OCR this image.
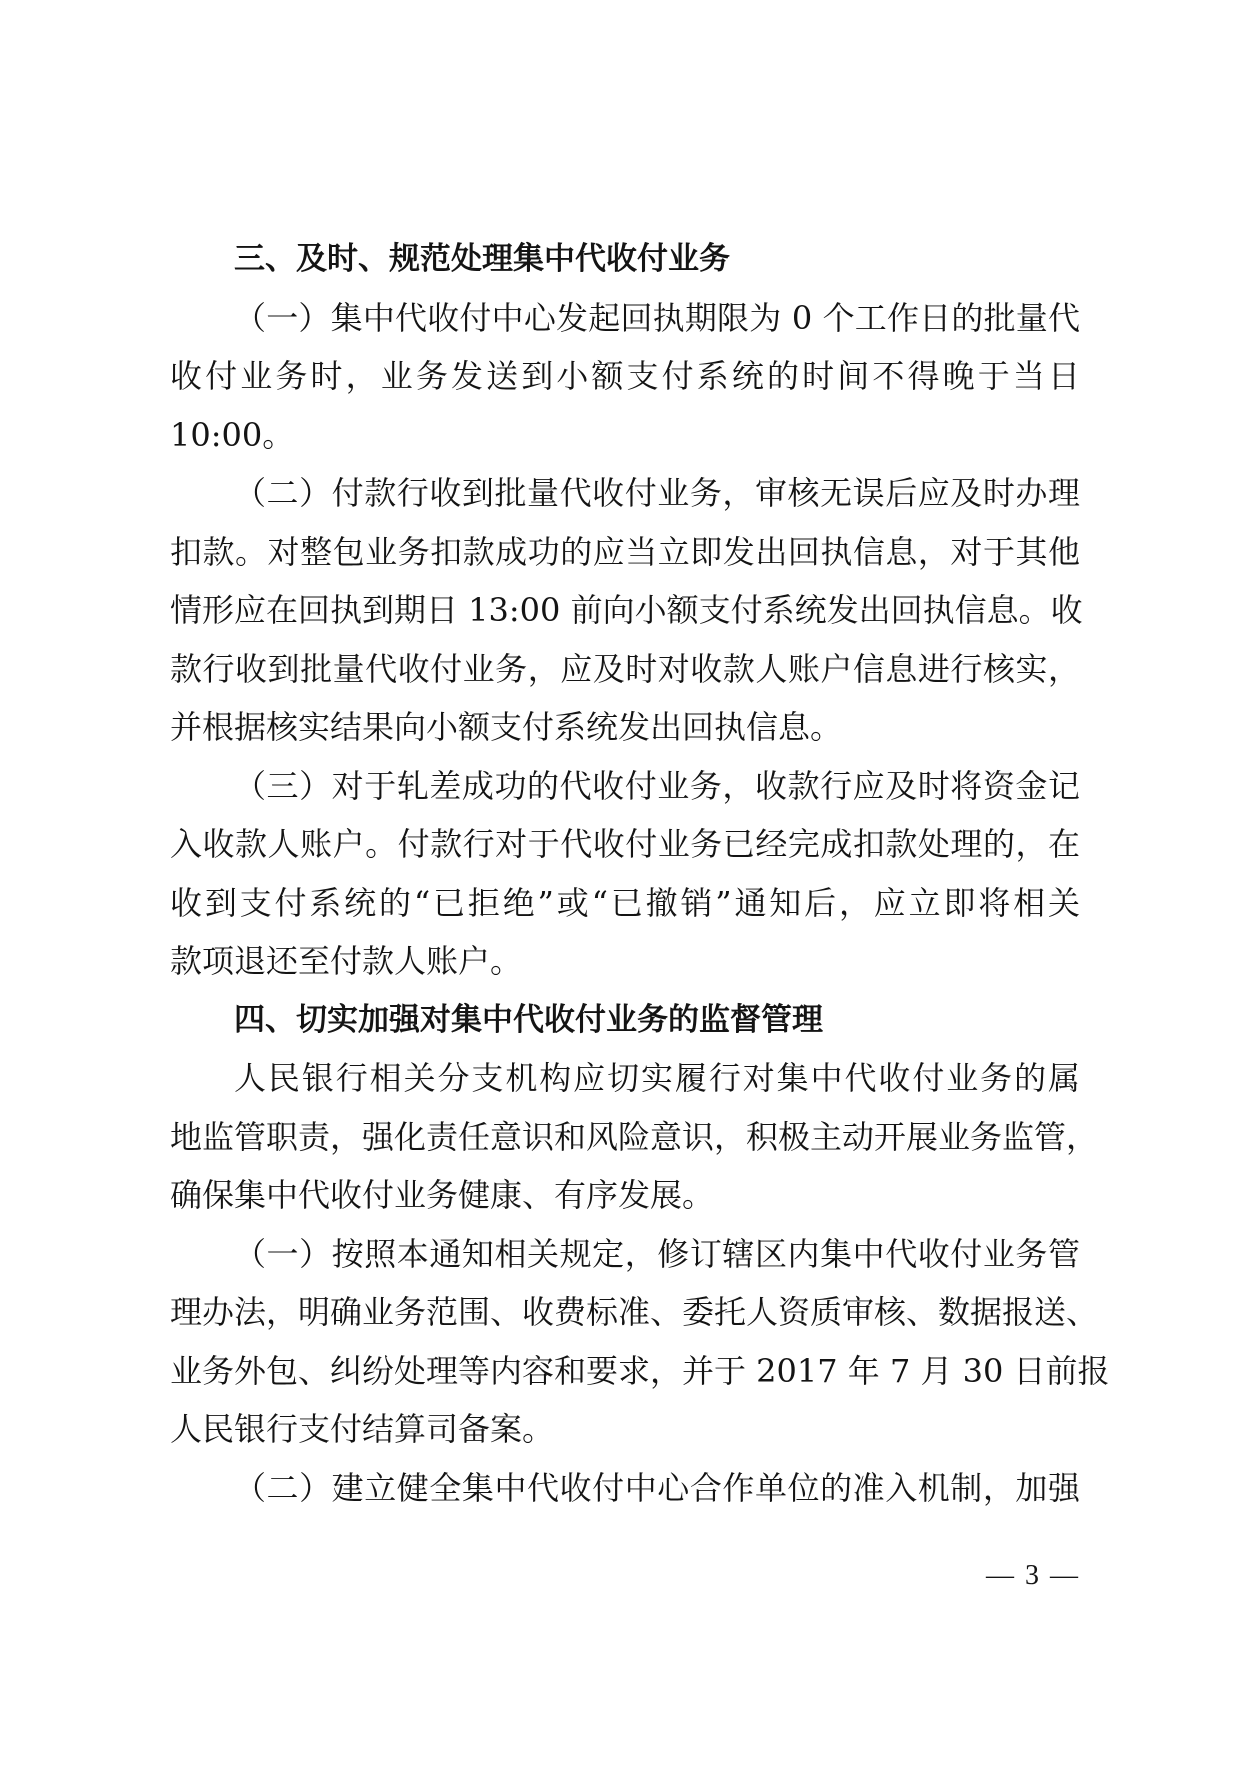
三、及时、规范处理集中代收付业务
（一）集中代收付中心发起回执期限为 0 个工作日的批量代
收付业务时，业务发送到小额支付系统的时间不得晚于当日
10:00。
（二）付款行收到批量代收付业务，审核无误后应及时办理
扣款。对整包业务扣款成功的应当立即发出回执信息，对于其他
情形应在回执到期日 13:00 前向小额支付系统发出回执信息。收
款行收到批量代收付业务，应及时对收款人账户信息进行核实，
并根据核实结果向小额支付系统发出回执信息。
（三）对于轧差成功的代收付业务，收款行应及时将资金记
入收款人账户。付款行对于代收付业务已经完成扣款处理的，在
收到支付系统的“已拒绝”或“已撤销”通知后，应立即将相关
款项退还至付款人账户。
四、切实加强对集中代收付业务的监督管理
人民银行相关分支机构应切实履行对集中代收付业务的属
地监管职责，强化责任意识和风险意识，积极主动开展业务监管，
确保集中代收付业务健康、有序发展。
（一）按照本通知相关规定，修订辖区内集中代收付业务管
理办法，明确业务范围、收费标准、委托人资质审核、数据报送、
业务外包、纠纷处理等内容和要求，并于 2017 年 7 月 30 日前报
人民银行支付结算司备案。
（二）建立健全集中代收付中心合作单位的准入机制，加强
— 3 —
